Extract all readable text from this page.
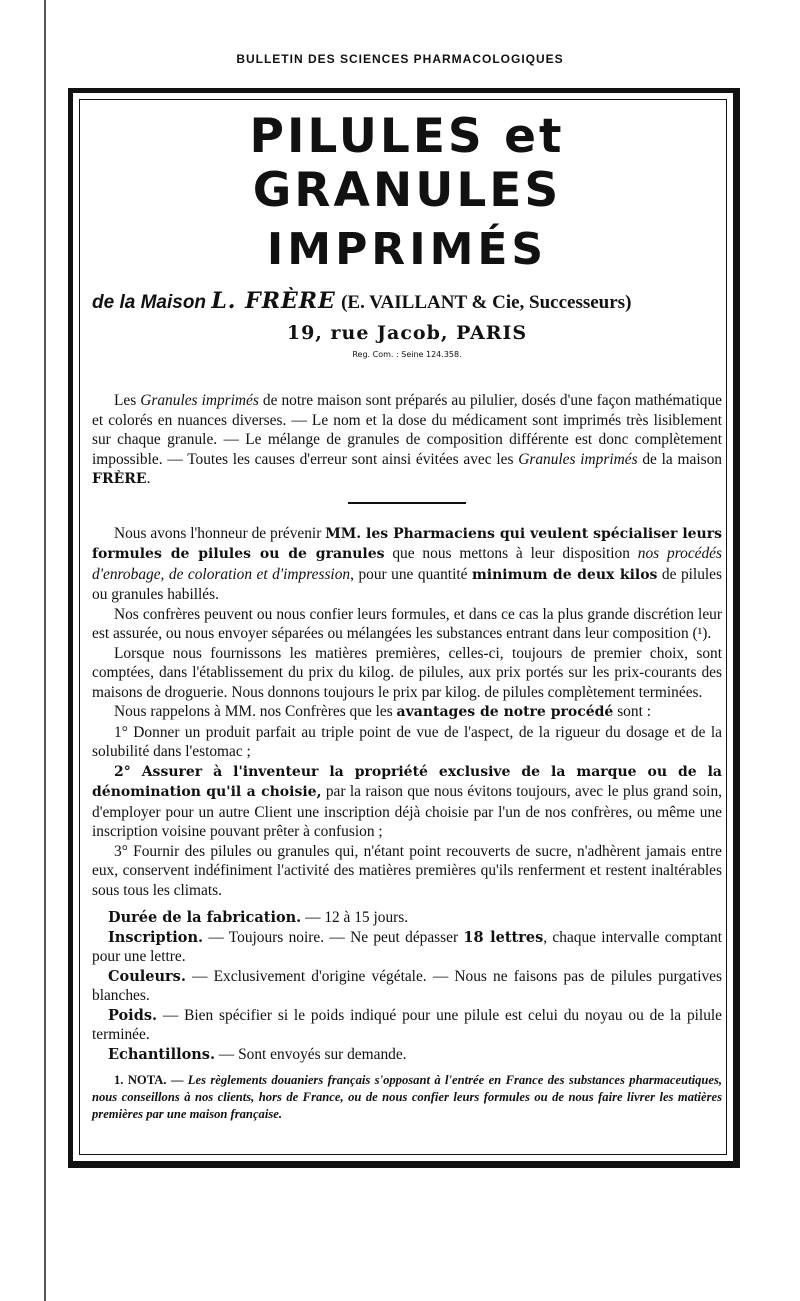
BULLETIN DES SCIENCES PHARMACOLOGIQUES
PILULES et GRANULES
IMPRIMÉS
de la Maison L. FRÈRE (E. VAILLANT & Cie, Successeurs)
19, rue Jacob, PARIS
Reg. Com. : Seine 124.358.

Les Granules imprimés de notre maison sont préparés au pilulier, dosés d'une façon mathématique et colorés en nuances diverses. — Le nom et la dose du médicament sont imprimés très lisiblement sur chaque granule. — Le mélange de granules de composition différente est donc complètement impossible. — Toutes les causes d'erreur sont ainsi évitées avec les Granules imprimés de la maison FRÈRE.

Nous avons l'honneur de prévenir MM. les Pharmaciens qui veulent spécialiser leurs formules de pilules ou de granules que nous mettons à leur disposition nos procédés d'enrobage, de coloration et d'impression, pour une quantité minimum de deux kilos de pilules ou granules habillés.

Nos confrères peuvent ou nous confier leurs formules, et dans ce cas la plus grande discrétion leur est assurée, ou nous envoyer séparées ou mélangées les substances entrant dans leur composition (¹).

Lorsque nous fournissons les matières premières, celles-ci, toujours de premier choix, sont comptées, dans l'établissement du prix du kilog. de pilules, aux prix portés sur les prix-courants des maisons de droguerie. Nous donnons toujours le prix par kilog. de pilules complètement terminées.

Nous rappelons à MM. nos Confrères que les avantages de notre procédé sont :

1° Donner un produit parfait au triple point de vue de l'aspect, de la rigueur du dosage et de la solubilité dans l'estomac ;

2° Assurer à l'inventeur la propriété exclusive de la marque ou de la dénomination qu'il a choisie, par la raison que nous évitons toujours, avec le plus grand soin, d'employer pour un autre Client une inscription déjà choisie par l'un de nos confrères, ou même une inscription voisine pouvant prêter à confusion ;

3° Fournir des pilules ou granules qui, n'étant point recouverts de sucre, n'adhèrent jamais entre eux, conservent indéfiniment l'activité des matières premières qu'ils renferment et restent inaltérables sous tous les climats.

Durée de la fabrication. — 12 à 15 jours.

Inscription. — Toujours noire. — Ne peut dépasser 18 lettres, chaque intervalle comptant pour une lettre.

Couleurs. — Exclusivement d'origine végétale. — Nous ne faisons pas de pilules purgatives blanches.

Poids. — Bien spécifier si le poids indiqué pour une pilule est celui du noyau ou de la pilule terminée.

Echantillons. — Sont envoyés sur demande.

1. NOTA. — Les règlements douaniers français s'opposant à l'entrée en France des substances pharmaceutiques, nous conseillons à nos clients, hors de France, ou de nous confier leurs formules ou de nous faire livrer les matières premières par une maison française.
